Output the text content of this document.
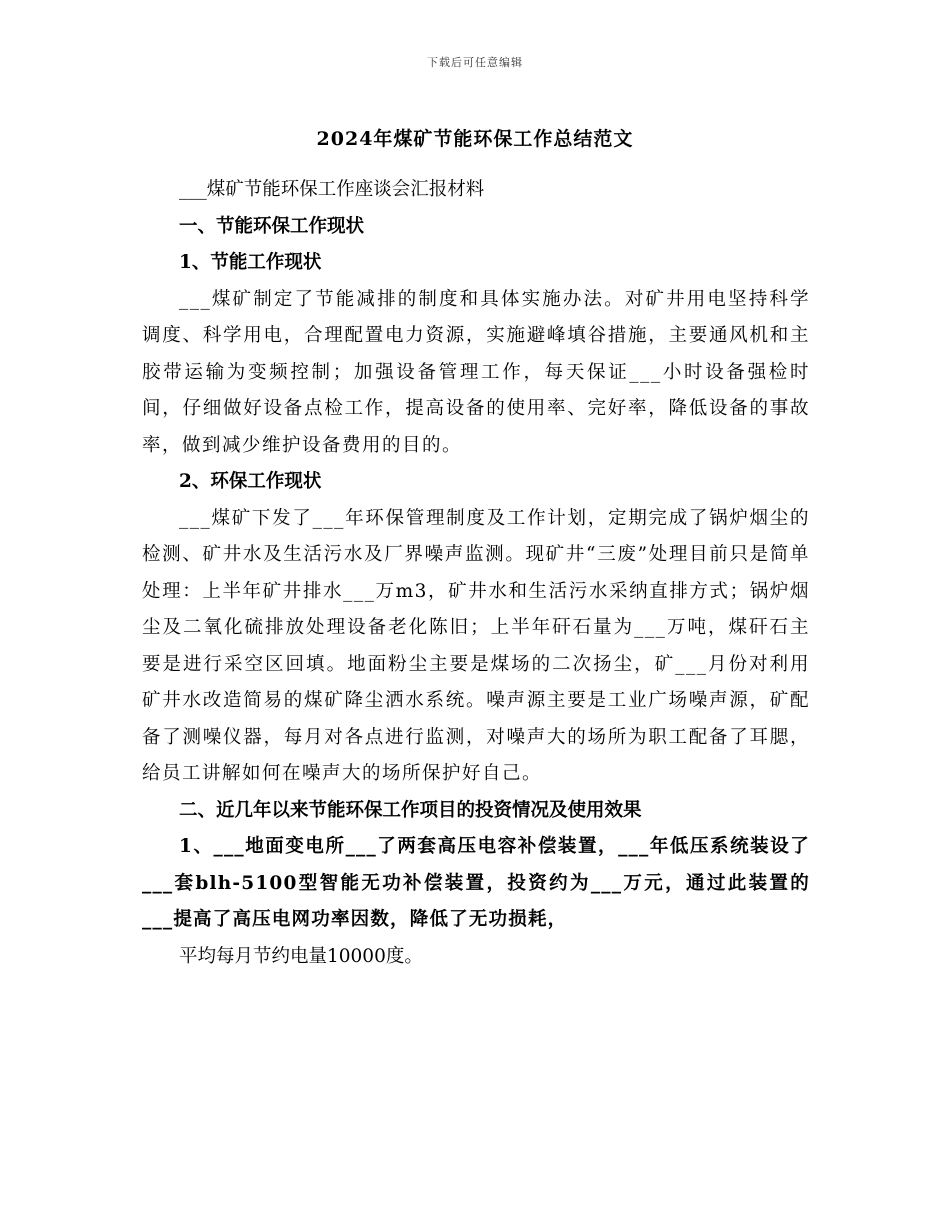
下载后可任意编辑
2024年煤矿节能环保工作总结范文

___煤矿节能环保工作座谈会汇报材料

一、节能环保工作现状

1、节能工作现状

___煤矿制定了节能减排的制度和具体实施办法。对矿井用电坚持科学调度、科学用电，合理配置电力资源，实施避峰填谷措施，主要通风机和主胶带运输为变频控制；加强设备管理工作，每天保证___小时设备强检时间，仔细做好设备点检工作，提高设备的使用率、完好率，降低设备的事故率，做到减少维护设备费用的目的。

2、环保工作现状

___煤矿下发了___年环保管理制度及工作计划，定期完成了锅炉烟尘的检测、矿井水及生活污水及厂界噪声监测。现矿井“三废”处理目前只是简单处理：上半年矿井排水___万m3，矿井水和生活污水采纳直排方式；锅炉烟尘及二氧化硫排放处理设备老化陈旧；上半年矸石量为___万吨，煤矸石主要是进行采空区回填。地面粉尘主要是煤场的二次扬尘，矿___月份对利用矿井水改造简易的煤矿降尘洒水系统。噪声源主要是工业广场噪声源，矿配备了测噪仪器，每月对各点进行监测，对噪声大的场所为职工配备了耳腮，给员工讲解如何在噪声大的场所保护好自己。

二、近几年以来节能环保工作项目的投资情况及使用效果

1、___地面变电所___了两套高压电容补偿装置，___年低压系统装设了___套blh-5100型智能无功补偿装置，投资约为___万元，通过此装置的___提高了高压电网功率因数，降低了无功损耗，

平均每月节约电量10000度。
